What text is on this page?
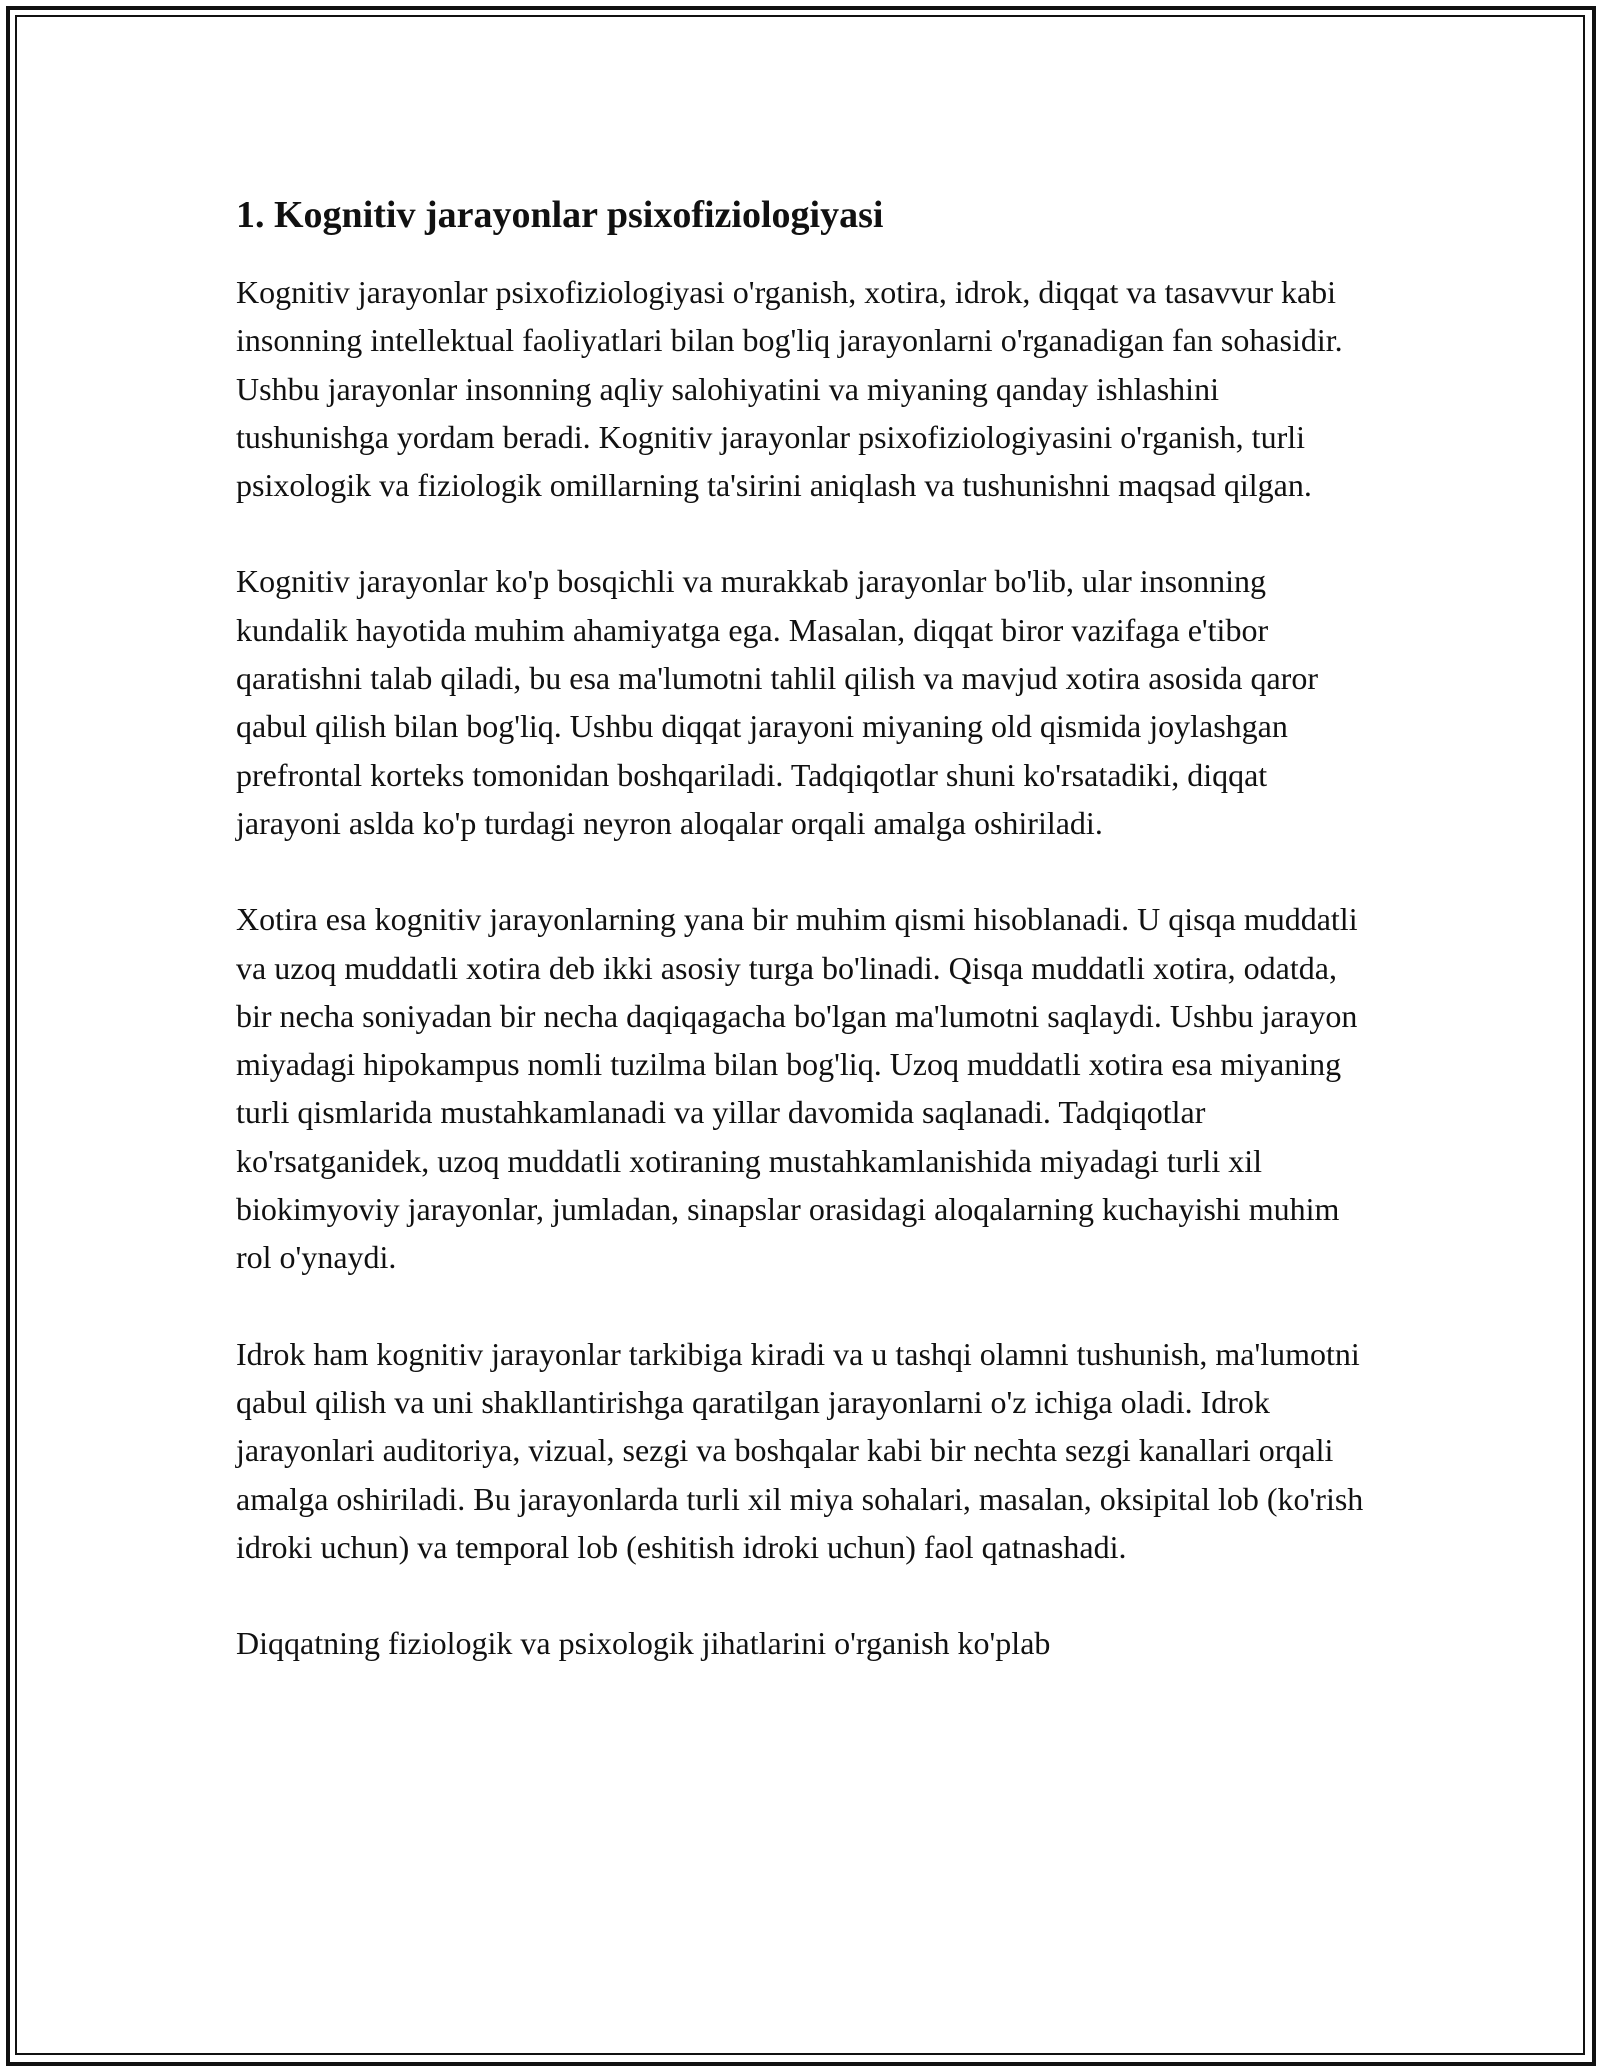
1. Kognitiv jarayonlar psixofiziologiyasi

Kognitiv jarayonlar psixofiziologiyasi o'rganish, xotira, idrok, diqqat va tasavvur kabi insonning intellektual faoliyatlari bilan bog'liq jarayonlarni o'rganadigan fan sohasidir. Ushbu jarayonlar insonning aqliy salohiyatini va miyaning qanday ishlashini tushunishga yordam beradi. Kognitiv jarayonlar psixofiziologiyasini o'rganish, turli psixologik va fiziologik omillarning ta'sirini aniqlash va tushunishni maqsad qilgan.

Kognitiv jarayonlar ko'p bosqichli va murakkab jarayonlar bo'lib, ular insonning kundalik hayotida muhim ahamiyatga ega. Masalan, diqqat biror vazifaga e'tibor qaratishni talab qiladi, bu esa ma'lumotni tahlil qilish va mavjud xotira asosida qaror qabul qilish bilan bog'liq. Ushbu diqqat jarayoni miyaning old qismida joylashgan prefrontal korteks tomonidan boshqariladi. Tadqiqotlar shuni ko'rsatadiki, diqqat jarayoni aslda ko'p turdagi neyron aloqalar orqali amalga oshiriladi.

Xotira esa kognitiv jarayonlarning yana bir muhim qismi hisoblanadi. U qisqa muddatli va uzoq muddatli xotira deb ikki asosiy turga bo'linadi. Qisqa muddatli xotira, odatda, bir necha soniyadan bir necha daqiqagacha bo'lgan ma'lumotni saqlaydi. Ushbu jarayon miyadagi hipokampus nomli tuzilma bilan bog'liq. Uzoq muddatli xotira esa miyaning turli qismlarida mustahkamlanadi va yillar davomida saqlanadi. Tadqiqotlar ko'rsatganidek, uzoq muddatli xotiraning mustahkamlanishida miyadagi turli xil biokimyoviy jarayonlar, jumladan, sinapslar orasidagi aloqalarning kuchayishi muhim rol o'ynaydi.

Idrok ham kognitiv jarayonlar tarkibiga kiradi va u tashqi olamni tushunish, ma'lumotni qabul qilish va uni shakllantirishga qaratilgan jarayonlarni o'z ichiga oladi. Idrok jarayonlari auditoriya, vizual, sezgi va boshqalar kabi bir nechta sezgi kanallari orqali amalga oshiriladi. Bu jarayonlarda turli xil miya sohalari, masalan, oksipital lob (ko'rish idroki uchun) va temporal lob (eshitish idroki uchun) faol qatnashadi.

Diqqatning fiziologik va psixologik jihatlarini o'rganish ko'plab
